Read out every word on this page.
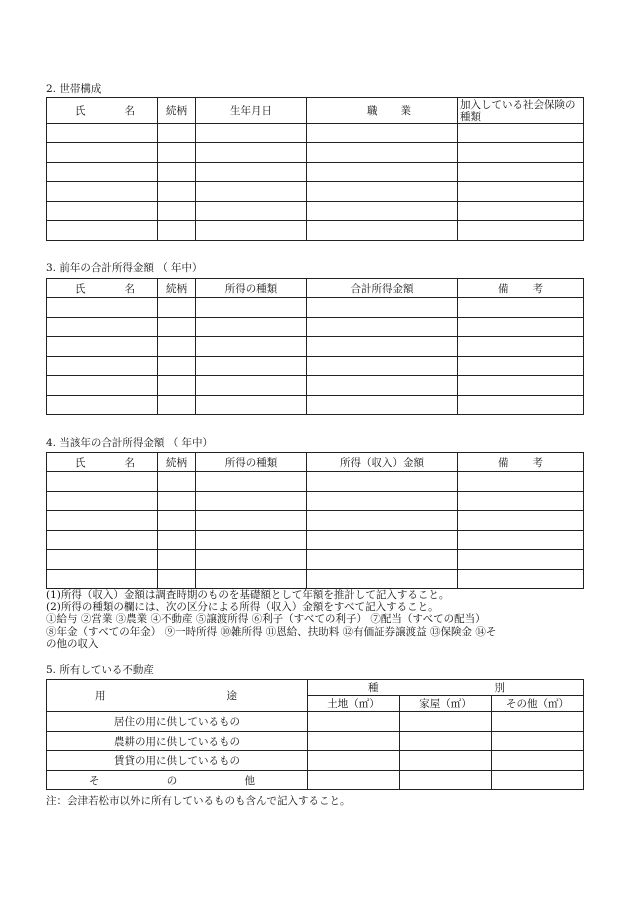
2. 世帯構成
氏 名	続柄	生年月日	職 業	加入している社会保険の種類

3. 前年の合計所得金額 （ 年中）
氏 名	続柄	所得の種類	合計所得金額	備 考

4. 当該年の合計所得金額 （ 年中）
氏 名	続柄	所得の種類	所得（収入）金額	備 考

(1)所得（収入）金額は調査時期のものを基礎額として年額を推計して記入すること。
(2)所得の種類の欄には、次の区分による所得（収入）金額をすべて記入すること。
①給与 ②営業 ③農業 ④不動産 ⑤譲渡所得 ⑥利子（すべての利子） ⑦配当（すべての配当）
⑧年金（すべての年金） ⑨一時所得 ⑩雑所得 ⑪恩給、扶助料 ⑫有価証券譲渡益 ⑬保険金 ⑭そ
の他の収入
5. 所有している不動産
用 途	種 別		

	土地（㎡）	家屋（㎡）	その他（㎡）
居住の用に供しているもの			
農耕の用に供しているもの			
賃貸の用に供しているもの			

そ の 他			

注：会津若松市以外に所有しているものも含んで記入すること。
